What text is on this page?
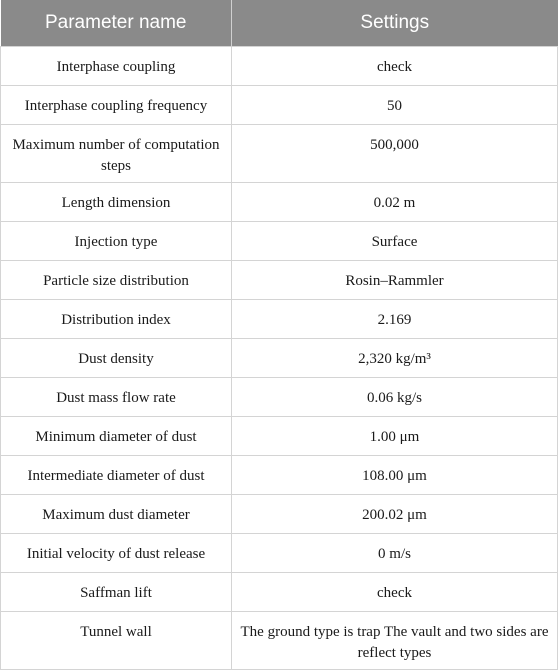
Parameter name	Settings
Interphase coupling	check
Interphase coupling frequency	50
Maximum number of computation steps	500,000
Length dimension	0.02 m
Injection type	Surface
Particle size distribution	Rosin–Rammler
Distribution index	2.169
Dust density	2,320 kg/m³
Dust mass flow rate	0.06 kg/s
Minimum diameter of dust	1.00 μm
Intermediate diameter of dust	108.00 μm
Maximum dust diameter	200.02 μm
Initial velocity of dust release	0 m/s
Saffman lift	check
Tunnel wall	The ground type is trap The vault and two sides are reflect types
